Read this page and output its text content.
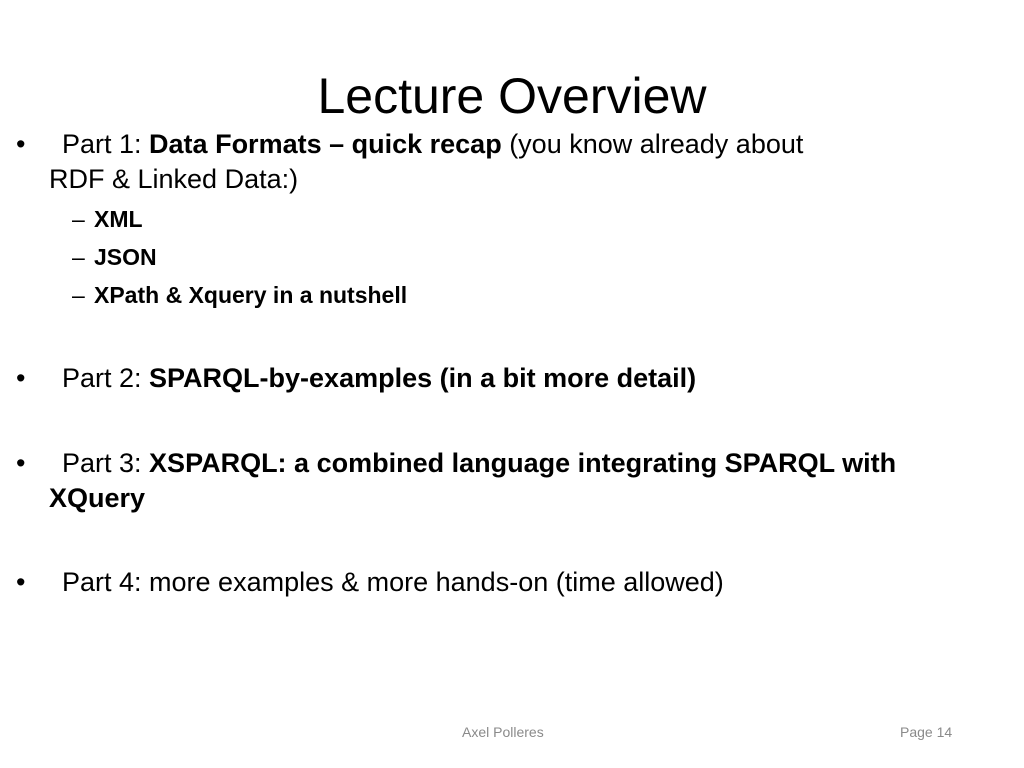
Lecture Overview
•	Part 1: Data Formats – quick recap (you know already about
RDF & Linked Data:)
– XML
– JSON
– XPath & Xquery in a nutshell
•	Part 2: SPARQL-by-examples (in a bit more detail)
•	Part 3: XSPARQL: a combined language integrating SPARQL with
XQuery
•	Part 4: more examples & more hands-on (time allowed)
Axel Polleres	Page 14
